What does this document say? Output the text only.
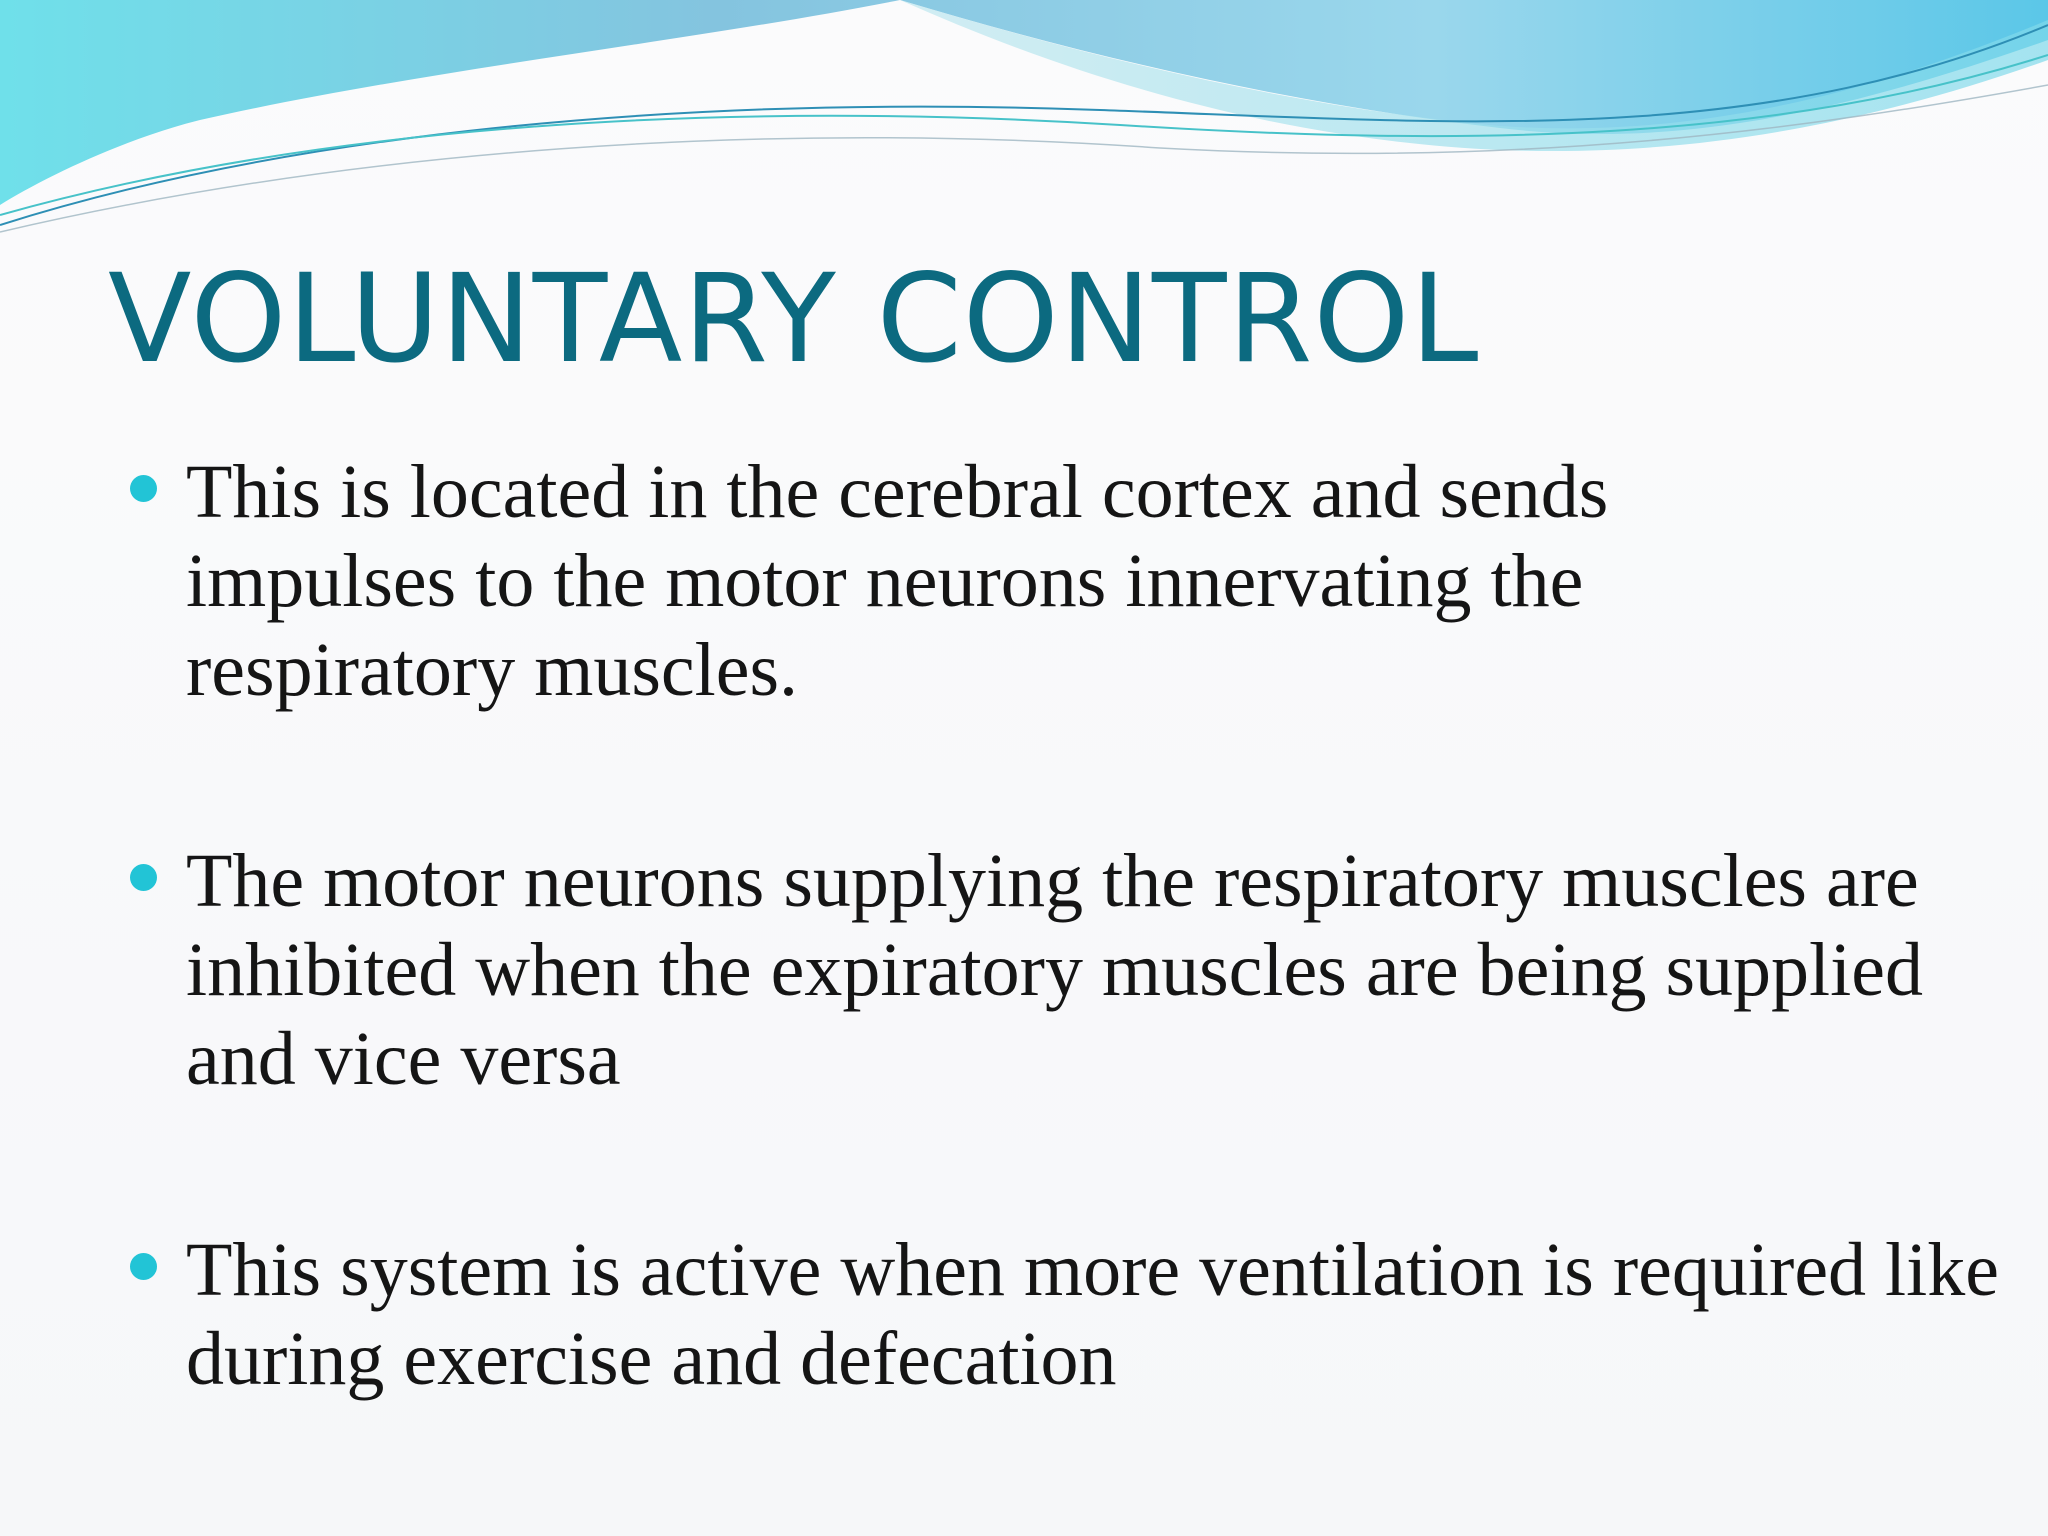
VOLUNTARY CONTROL
This is located in the cerebral cortex and sends impulses to the motor neurons innervating the respiratory muscles.
The motor neurons supplying the respiratory muscles are inhibited when the expiratory muscles are being supplied and vice versa
This system is active when more ventilation is required like during exercise and defecation
